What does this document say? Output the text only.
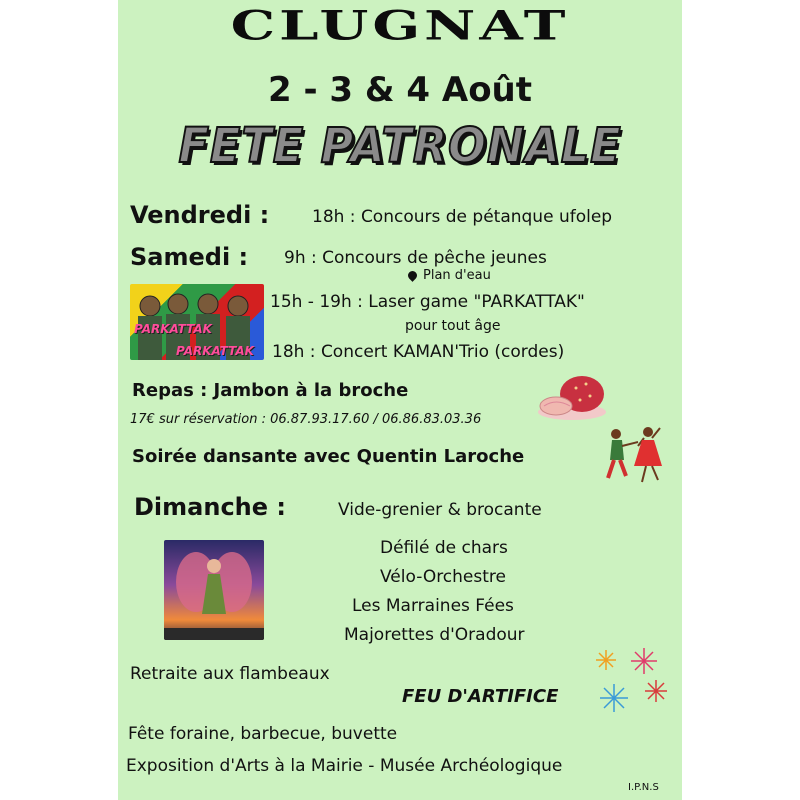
CLUGNAT
2 - 3 & 4 Août
FETE PATRONALE
Vendredi :	18h : Concours de pétanque ufolep
Samedi : 9h : Concours de pêche jeunes
Plan d'eau
PARKATTAK
PARKATTAK
15h - 19h : Laser game "PARKATTAK"
pour tout âge
18h : Concert KAMAN'Trio (cordes)
Repas : Jambon à la broche
17€ sur réservation : 06.87.93.17.60 / 06.86.83.03.36
Soirée dansante avec Quentin Laroche
Dimanche :	Vide-grenier & brocante
Défilé de chars
Vélo-Orchestre
Les Marraines Fées
Majorettes d'Oradour
Retraite aux flambeaux
FEU D'ARTIFICE
Fête foraine, barbecue, buvette
Exposition d'Arts à la Mairie - Musée Archéologique
I.P.N.S
